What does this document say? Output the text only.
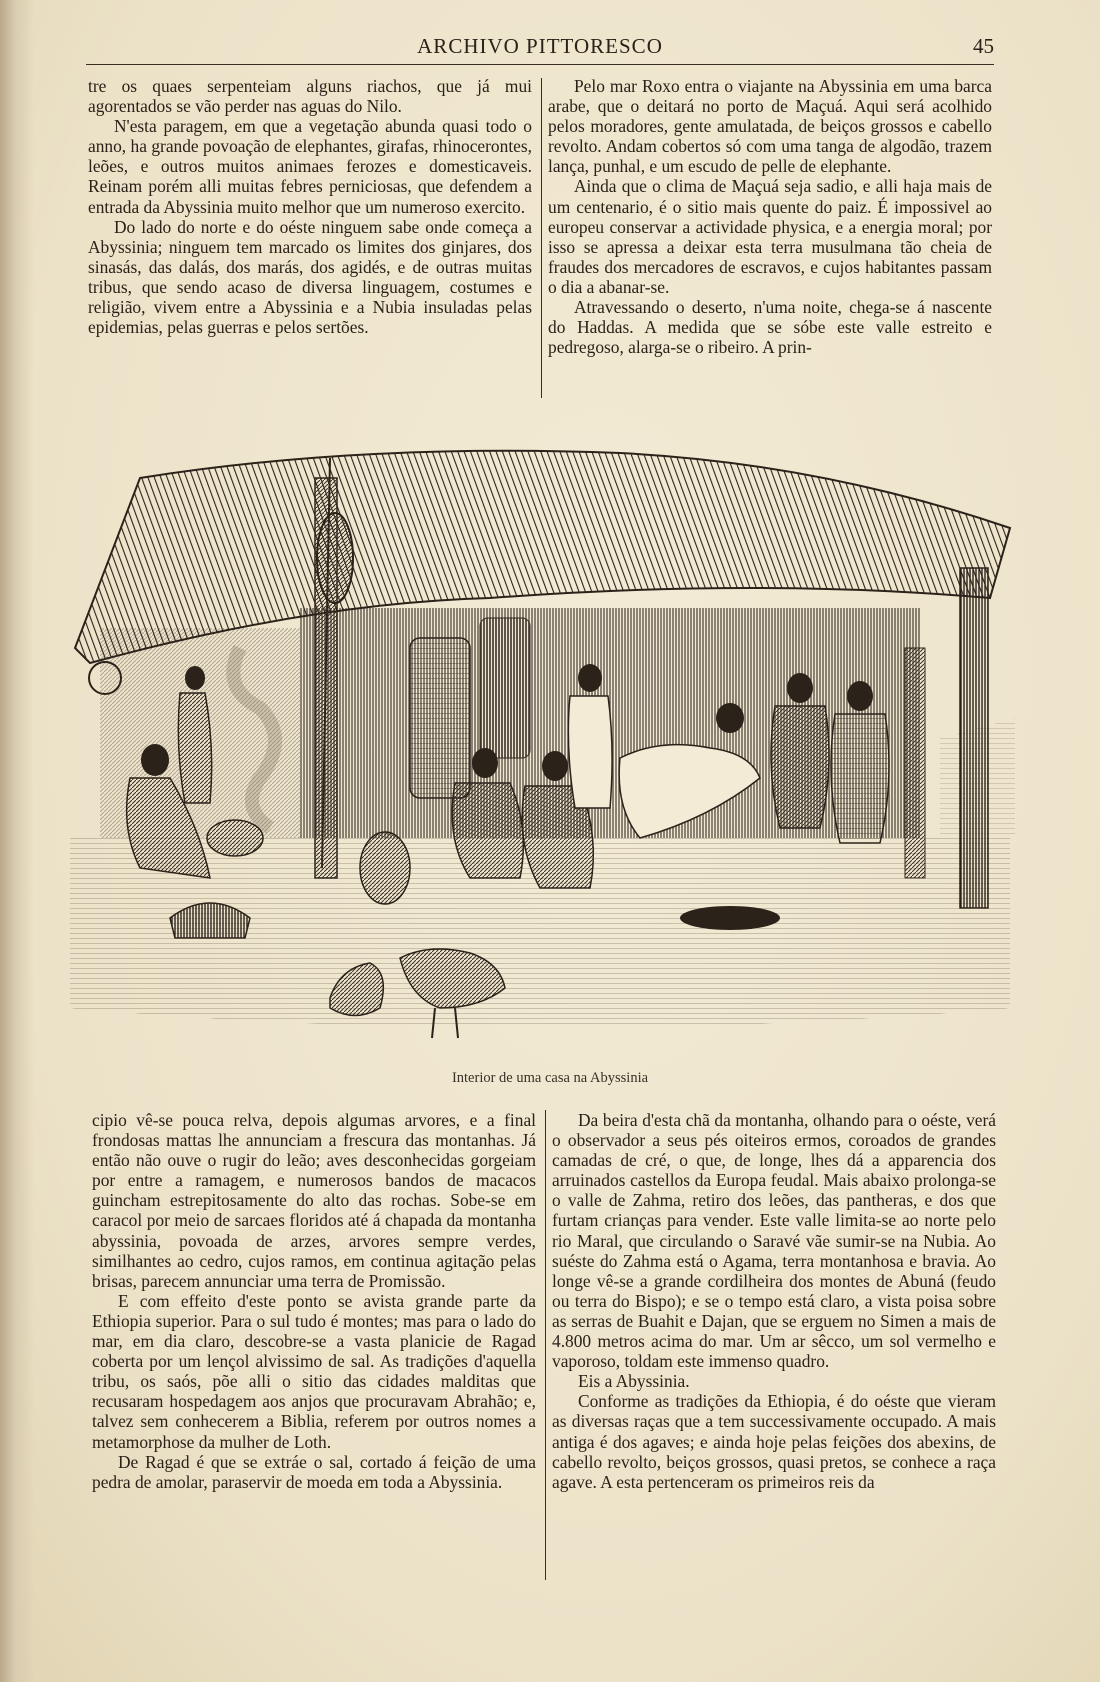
ARCHIVO PITTORESCO	45

tre os quaes serpenteiam alguns riachos, que já mui agorentados se vão perder nas aguas do Nilo.

N'esta paragem, em que a vegetação abunda quasi todo o anno, ha grande povoação de elephantes, girafas, rhinocerontes, leões, e outros muitos animaes ferozes e domesticaveis. Reinam porém alli muitas febres perniciosas, que defendem a entrada da Abyssinia muito melhor que um numeroso exercito.

Do lado do norte e do oéste ninguem sabe onde começa a Abyssinia; ninguem tem marcado os limites dos ginjares, dos sinasás, das dalás, dos marás, dos agidés, e de outras muitas tribus, que sendo acaso de diversa linguagem, costumes e religião, vivem entre a Abyssinia e a Nubia insuladas pelas epidemias, pelas guerras e pelos sertões.

Pelo mar Roxo entra o viajante na Abyssinia em uma barca arabe, que o deitará no porto de Maçuá. Aqui será acolhido pelos moradores, gente amulatada, de beiços grossos e cabello revolto. Andam cobertos só com uma tanga de algodão, trazem lança, punhal, e um escudo de pelle de elephante.

Ainda que o clima de Maçuá seja sadio, e alli haja mais de um centenario, é o sitio mais quente do paiz. É impossivel ao europeu conservar a actividade physica, e a energia moral; por isso se apressa a deixar esta terra musulmana tão cheia de fraudes dos mercadores de escravos, e cujos habitantes passam o dia a abanar-se.

Atravessando o deserto, n'uma noite, chega-se á nascente do Haddas. A medida que se sóbe este valle estreito e pedregoso, alarga-se o ribeiro. A prin-

Interior de uma casa na Abyssinia

cipio vê-se pouca relva, depois algumas arvores, e a final frondosas mattas lhe annunciam a frescura das montanhas. Já então não ouve o rugir do leão; aves desconhecidas gorgeiam por entre a ramagem, e numerosos bandos de macacos guincham estrepitosamente do alto das rochas. Sobe-se em caracol por meio de sarcaes floridos até á chapada da montanha abyssinia, povoada de arzes, arvores sempre verdes, similhantes ao cedro, cujos ramos, em continua agitação pelas brisas, parecem annunciar uma terra de Promissão.

E com effeito d'este ponto se avista grande parte da Ethiopia superior. Para o sul tudo é montes; mas para o lado do mar, em dia claro, descobre-se a vasta planicie de Ragad coberta por um lençol alvissimo de sal. As tradições d'aquella tribu, os saós, põe alli o sitio das cidades malditas que recusaram hospedagem aos anjos que procuravam Abrahão; e, talvez sem conhecerem a Biblia, referem por outros nomes a metamorphose da mulher de Loth.

De Ragad é que se extráe o sal, cortado á feição de uma pedra de amolar, paraservir de moeda em toda a Abyssinia.

Da beira d'esta chã da montanha, olhando para o oéste, verá o observador a seus pés oiteiros ermos, coroados de grandes camadas de cré, o que, de longe, lhes dá a apparencia dos arruinados castellos da Europa feudal. Mais abaixo prolonga-se o valle de Zahma, retiro dos leões, das pantheras, e dos que furtam crianças para vender. Este valle limita-se ao norte pelo rio Maral, que circulando o Saravé vãe sumir-se na Nubia. Ao suéste do Zahma está o Agama, terra montanhosa e bravia. Ao longe vê-se a grande cordilheira dos montes de Abuná (feudo ou terra do Bispo); e se o tempo está claro, a vista poisa sobre as serras de Buahit e Dajan, que se erguem no Simen a mais de 4.800 metros acima do mar. Um ar sêcco, um sol vermelho e vaporoso, toldam este immenso quadro.

Eis a Abyssinia.

Conforme as tradições da Ethiopia, é do oéste que vieram as diversas raças que a tem successivamente occupado. A mais antiga é dos agaves; e ainda hoje pelas feições dos abexins, de cabello revolto, beiços grossos, quasi pretos, se conhece a raça agave. A esta pertenceram os primeiros reis da
